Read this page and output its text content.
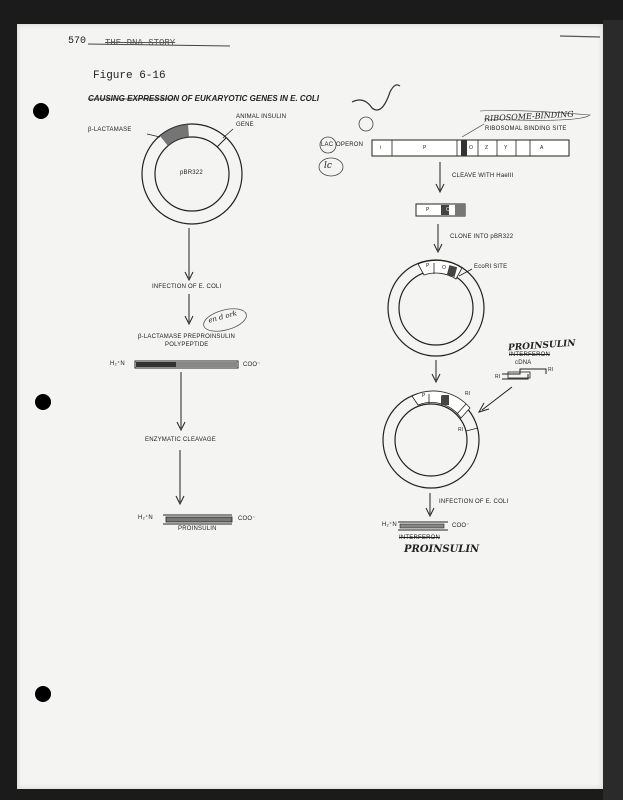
570 THE DNA STORY
Figure 6-16
CAUSING EXPRESSION OF EUKARYOTIC GENES IN E. COLI
β-LACTAMASE
ANIMAL INSULIN
GENE
pBR322
INFECTION OF E. COLI
en d ork
β-LACTAMASE PREPROINSULIN
POLYPEPTIDE
H₂⁺N	COO⁻
ENZYMATIC CLEAVAGE
H₂⁺N	COO⁻
PROINSULIN
RIBOSOME-BINDING
RIBOSOMAL BINDING SITE
LAC OPERON
lc
i	P	O Z	Y	A
CLEAVE WITH HaeIII
P	O
CLONE INTO pBR322
P	O	EcoRI SITE
PROINSULIN
INTERFERON
cDNA
RI
RI
P	O	RI
RI
INFECTION OF E. COLI
H₂⁺N	COO⁻
INTERFERON
PROINSULIN
